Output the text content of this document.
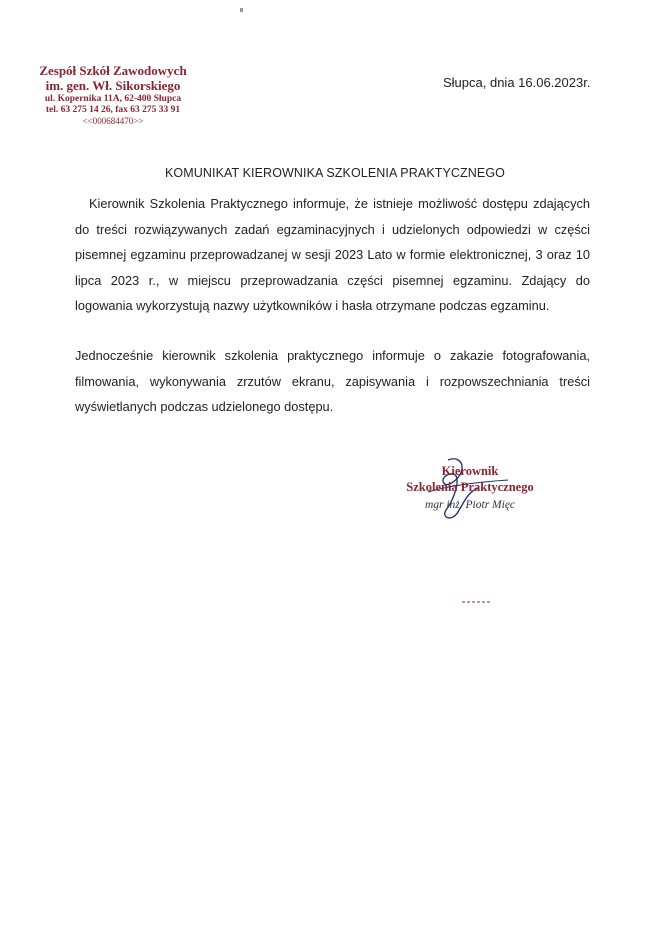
Zespół Szkół Zawodowych
im. gen. Wł. Sikorskiego
ul. Kopernika 11A, 62-400 Słupca
tel. 63 275 14 26, fax 63 275 33 91
<<000684470>>
Słupca, dnia 16.06.2023r.
KOMUNIKAT KIEROWNIKA SZKOLENIA PRAKTYCZNEGO
Kierownik Szkolenia Praktycznego informuje, że istnieje możliwość dostępu zdających do treści rozwiązywanych zadań egzaminacyjnych i udzielonych odpowiedzi w części pisemnej egzaminu przeprowadzanej w sesji 2023 Lato w formie elektronicznej, 3 oraz 10 lipca 2023 r., w miejscu przeprowadzania części pisemnej egzaminu. Zdający do logowania wykorzystują nazwy użytkowników i hasła otrzymane podczas egzaminu.
Jednocześnie kierownik szkolenia praktycznego informuje o zakazie fotografowania, filmowania, wykonywania zrzutów ekranu, zapisywania i rozpowszechniania treści wyświetlanych podczas udzielonego dostępu.
Kierownik
Szkolenia Praktycznego
mgr inż. Piotr Mięc
